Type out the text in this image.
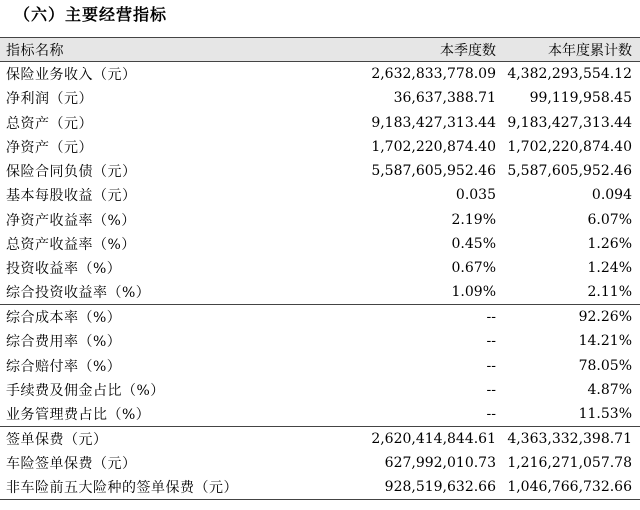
（六）主要经营指标
指标名称	本季度数	本年度累计数
保险业务收入（元）	2,632,833,778.09	4,382,293,554.12
净利润（元）	36,637,388.71	99,119,958.45
总资产（元）	9,183,427,313.44	9,183,427,313.44
净资产（元）	1,702,220,874.40	1,702,220,874.40
保险合同负债（元）	5,587,605,952.46	5,587,605,952.46
基本每股收益（元）	0.035	0.094
净资产收益率（%）	2.19%	6.07%
总资产收益率（%）	0.45%	1.26%
投资收益率（%）	0.67%	1.24%
综合投资收益率（%）	1.09%	2.11%
综合成本率（%）	--	92.26%
综合费用率（%）	--	14.21%
综合赔付率（%）	--	78.05%
手续费及佣金占比（%）	--	4.87%
业务管理费占比（%）	--	11.53%
签单保费（元）	2,620,414,844.61	4,363,332,398.71
车险签单保费（元）	627,992,010.73	1,216,271,057.78
非车险前五大险种的签单保费（元）	928,519,632.66	1,046,766,732.66
